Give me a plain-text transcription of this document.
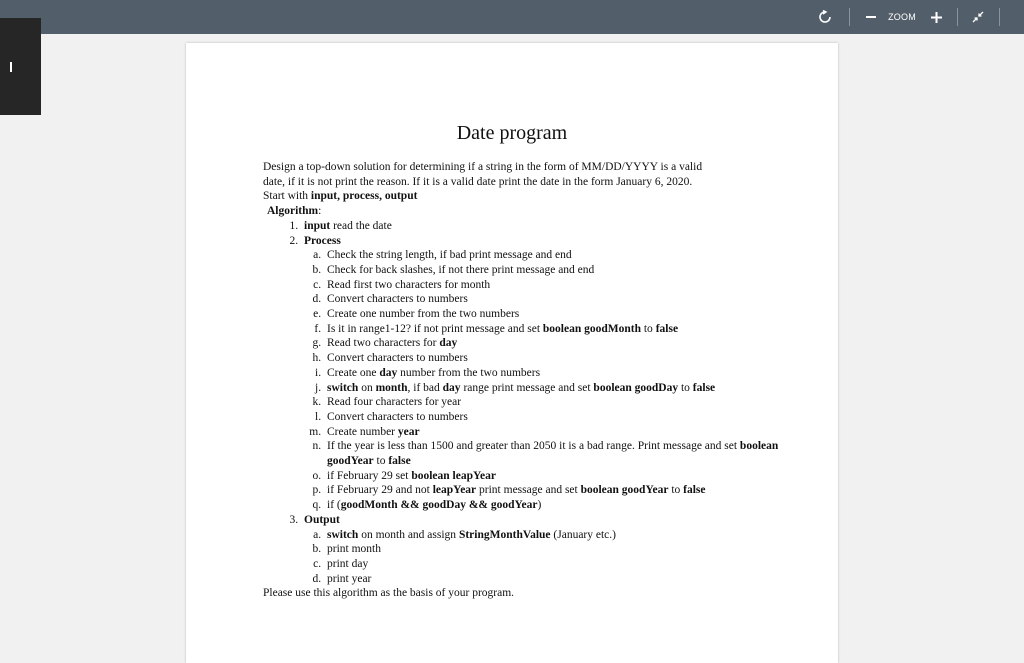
ZOOM
Date program

Design a top-down solution for determining if a string in the form of MM/DD/YYYY is a valid

date, if it is not print the reason. If it is a valid date print the date in the form January 6, 2020.

Start with input, process, output

Algorithm:

1. input read the date
2. Process
a. Check the string length, if bad print message and end
b. Check for back slashes, if not there print message and end
c. Read first two characters for month
d. Convert characters to numbers
e. Create one number from the two numbers
f. Is it in range1-12? if not print message and set boolean goodMonth to false
g. Read two characters for day
h. Convert characters to numbers
i. Create one day number from the two numbers
j. switch on month, if bad day range print message and set boolean goodDay to false
k. Read four characters for year
l. Convert characters to numbers
m. Create number year
n. If the year is less than 1500 and greater than 2050 it is a bad range. Print message and set boolean goodYear to false
o. if February 29 set boolean leapYear
p. if February 29 and not leapYear print message and set boolean goodYear to false
q. if (goodMonth && goodDay && goodYear)
3. Output
a. switch on month and assign StringMonthValue (January etc.)
b. print month
c. print day
d. print year

Please use this algorithm as the basis of your program.
